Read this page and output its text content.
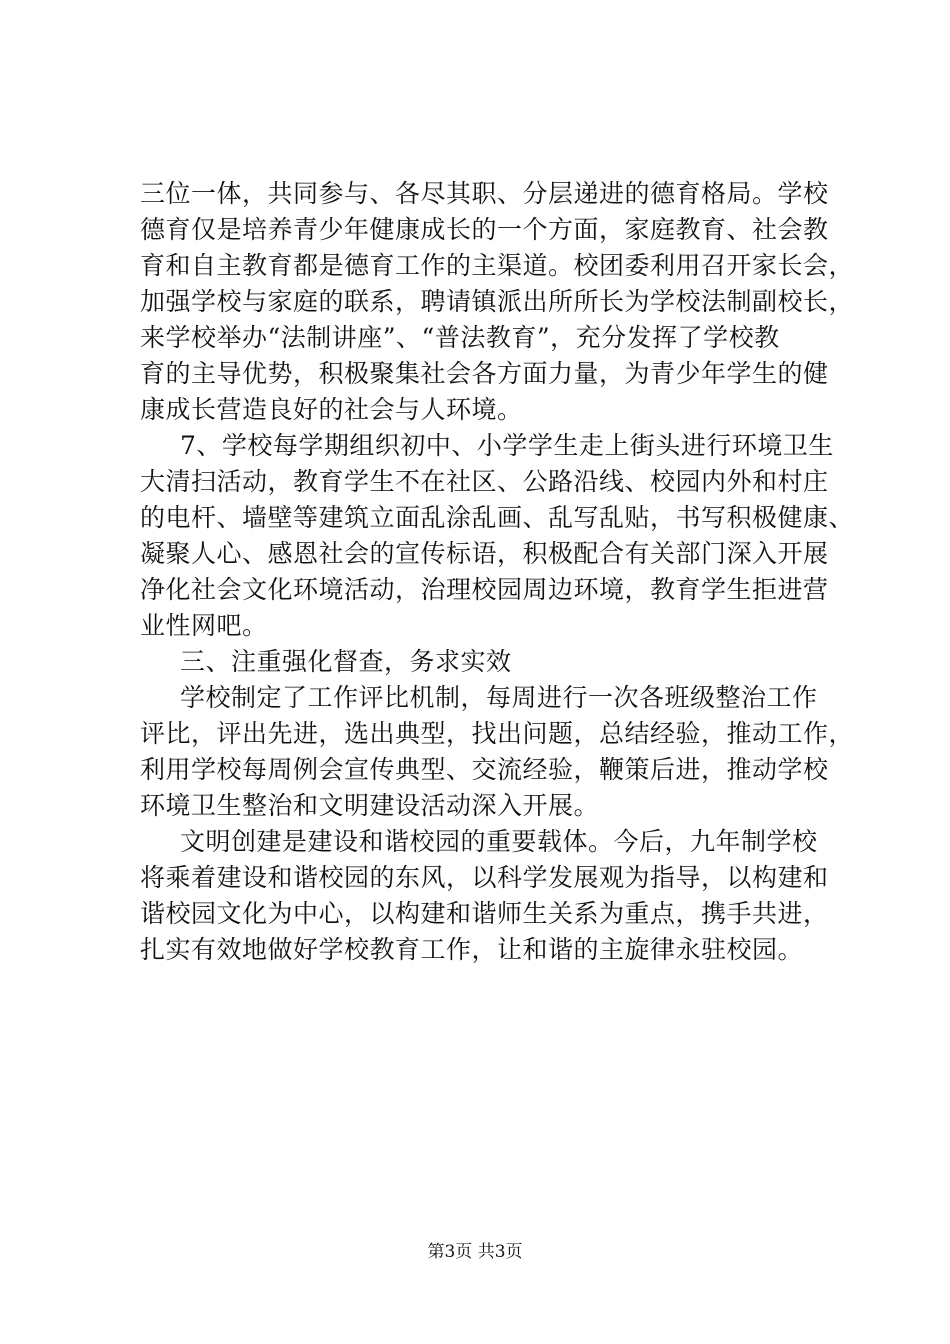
三位一体，共同参与、各尽其职、分层递进的德育格局。学校
德育仅是培养青少年健康成长的一个方面，家庭教育、社会教
育和自主教育都是德育工作的主渠道。校团委利用召开家长会，
加强学校与家庭的联系，聘请镇派出所所长为学校法制副校长，
来学校举办“法制讲座”、“普法教育”，充分发挥了学校教
育的主导优势，积极聚集社会各方面力量，为青少年学生的健
康成长营造良好的社会与人环境。
7、学校每学期组织初中、小学学生走上街头进行环境卫生
大清扫活动，教育学生不在社区、公路沿线、校园内外和村庄
的电杆、墙壁等建筑立面乱涂乱画、乱写乱贴，书写积极健康、
凝聚人心、感恩社会的宣传标语，积极配合有关部门深入开展
净化社会文化环境活动，治理校园周边环境，教育学生拒进营
业性网吧。
三、注重强化督查，务求实效
学校制定了工作评比机制，每周进行一次各班级整治工作
评比，评出先进，选出典型，找出问题，总结经验，推动工作，
利用学校每周例会宣传典型、交流经验，鞭策后进，推动学校
环境卫生整治和文明建设活动深入开展。
文明创建是建设和谐校园的重要载体。今后，九年制学校
将乘着建设和谐校园的东风，以科学发展观为指导，以构建和
谐校园文化为中心，以构建和谐师生关系为重点，携手共进，
扎实有效地做好学校教育工作，让和谐的主旋律永驻校园。
第3页 共3页
